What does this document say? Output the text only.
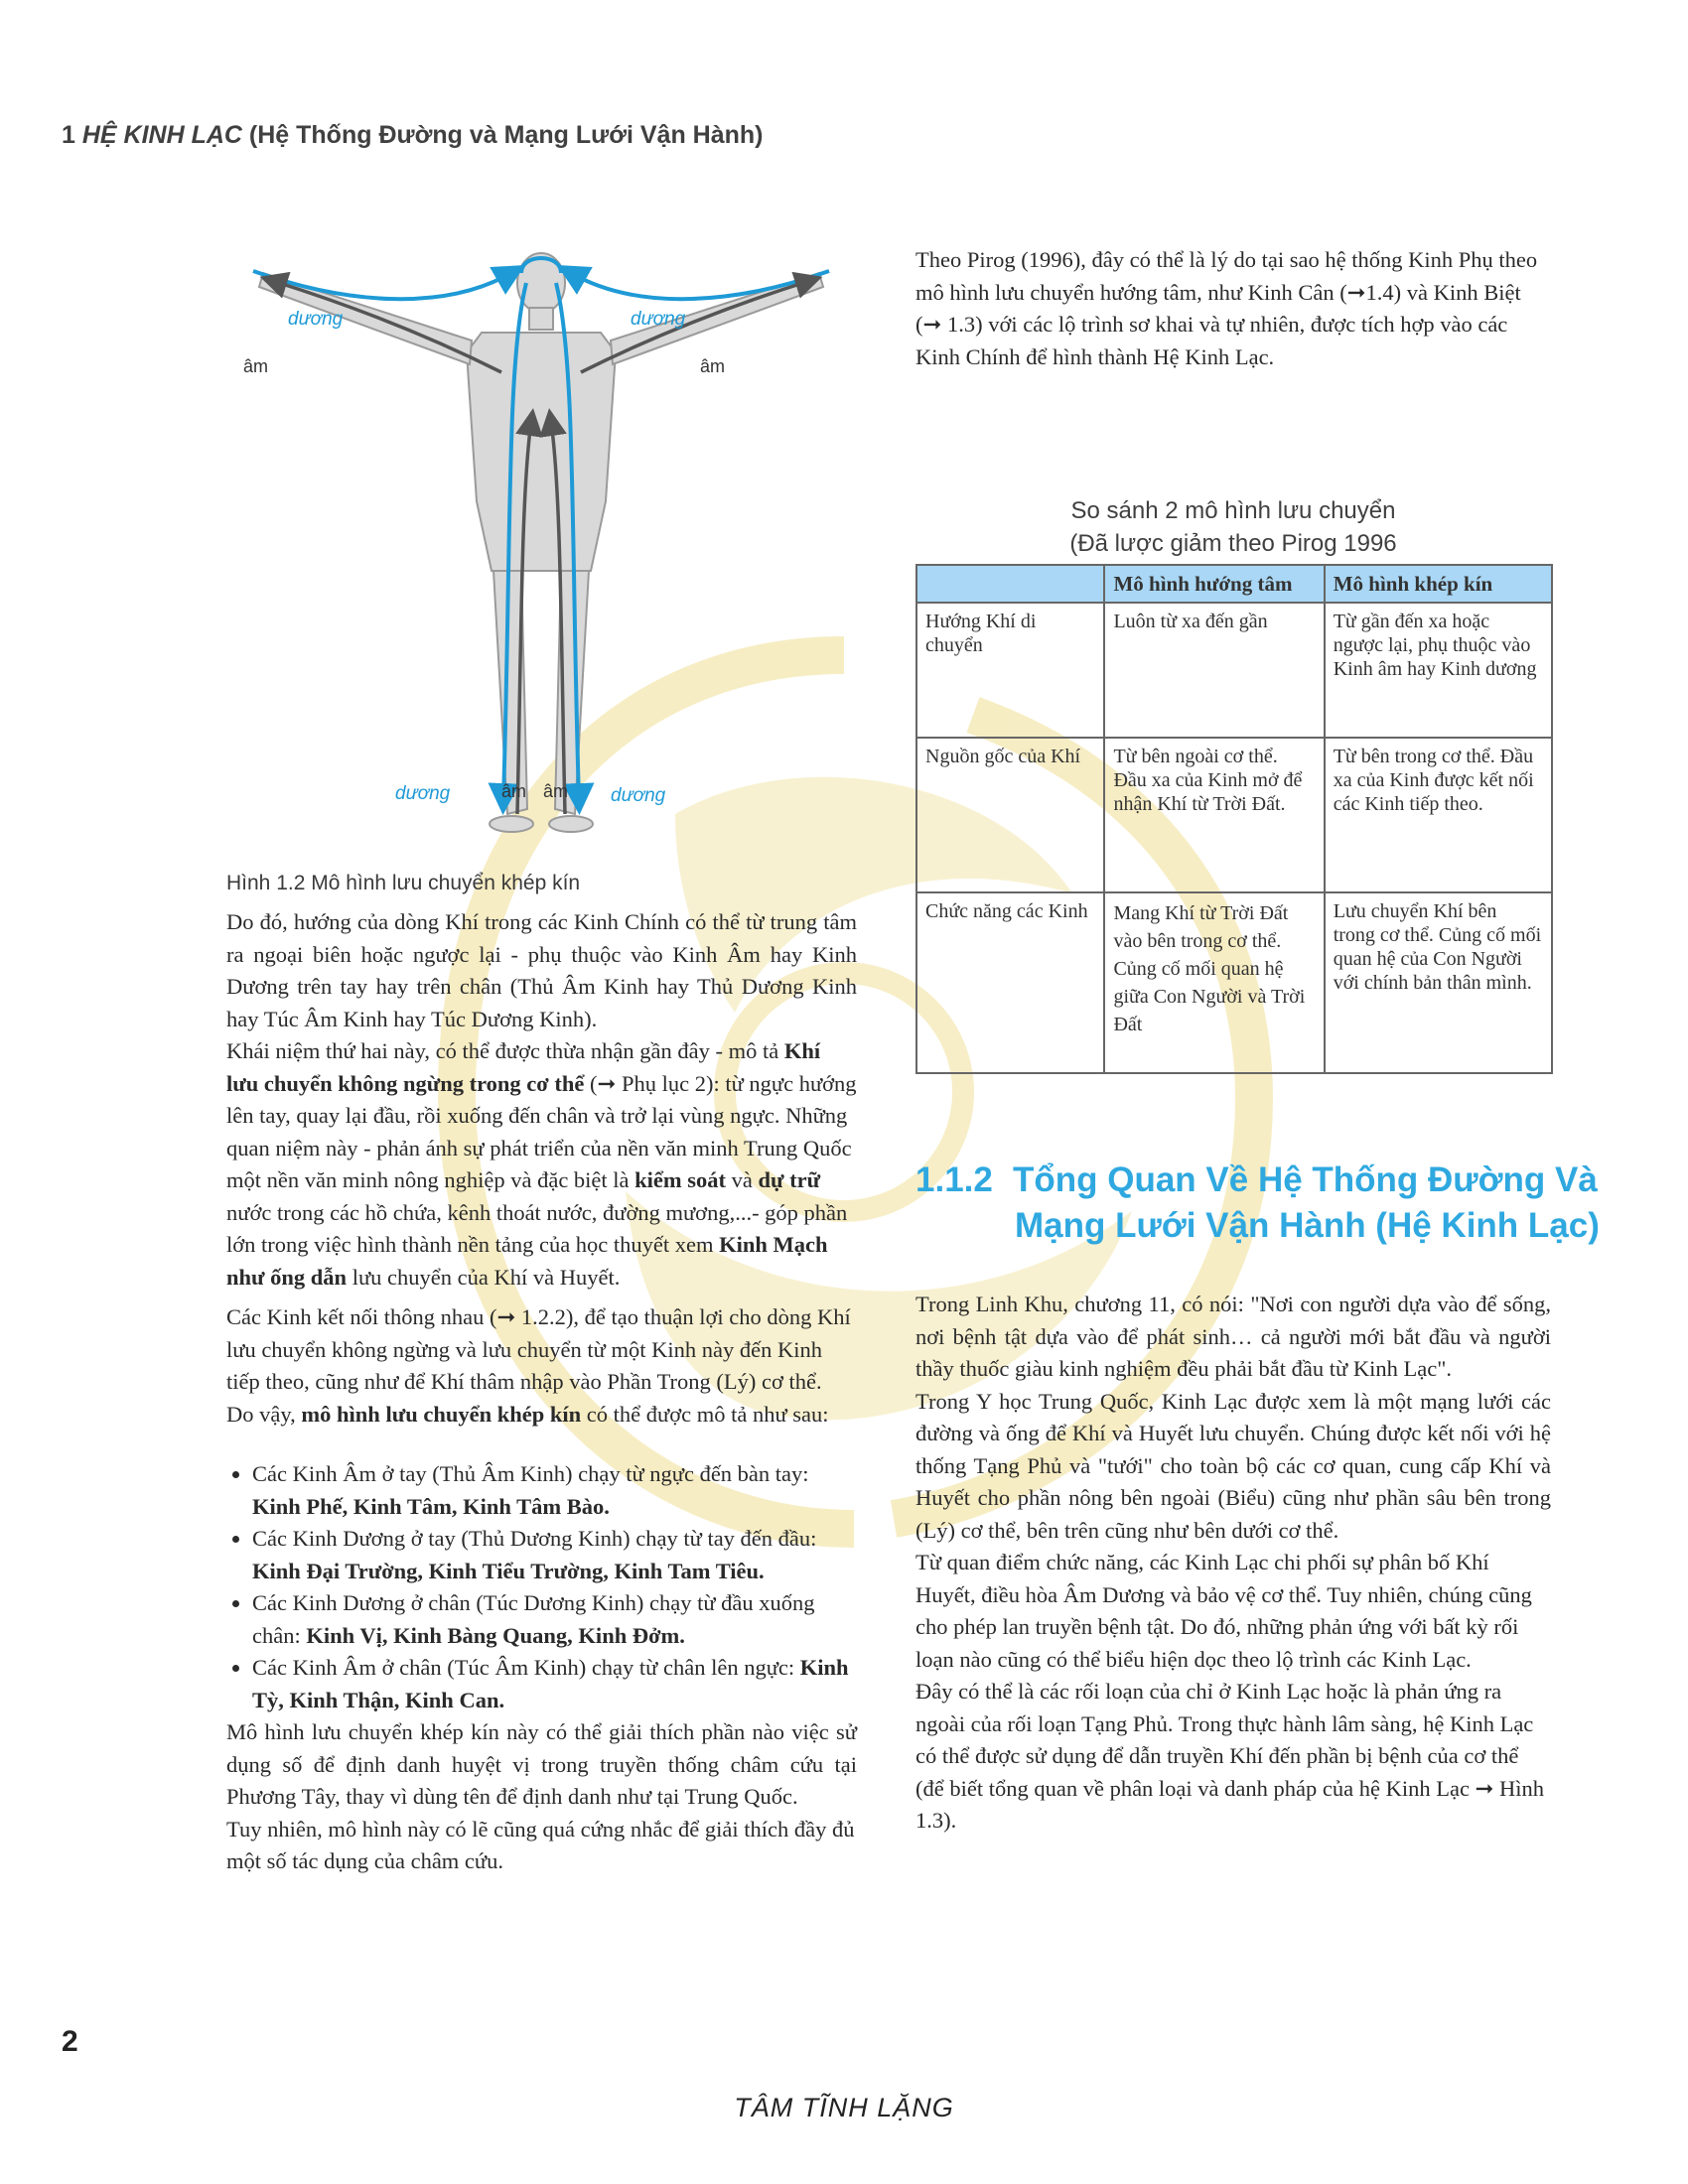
1 HỆ KINH LẠC (Hệ Thống Đường và Mạng Lưới Vận Hành)
dương	dương
âm	âm
dương	dương
âm âm
Hình 1.2 Mô hình lưu chuyển khép kín

Do đó, hướng của dòng Khí trong các Kinh Chính có thể từ trung tâm ra ngoại biên hoặc ngược lại - phụ thuộc vào Kinh Âm hay Kinh Dương trên tay hay trên chân (Thủ Âm Kinh hay Thủ Dương Kinh hay Túc Âm Kinh hay Túc Dương Kinh).

Khái niệm thứ hai này, có thể được thừa nhận gần đây - mô tả Khí lưu chuyển không ngừng trong cơ thể (➞ Phụ lục 2): từ ngực hướng lên tay, quay lại đầu, rồi xuống đến chân và trở lại vùng ngực. Những quan niệm này - phản ánh sự phát triển của nền văn minh Trung Quốc một nền văn minh nông nghiệp và đặc biệt là kiểm soát và dự trữ nước trong các hồ chứa, kênh thoát nước, đường mương,...- góp phần lớn trong việc hình thành nền tảng của học thuyết xem Kinh Mạch như ống dẫn lưu chuyển của Khí và Huyết.

Các Kinh kết nối thông nhau (➞ 1.2.2), để tạo thuận lợi cho dòng Khí lưu chuyển không ngừng và lưu chuyển từ một Kinh này đến Kinh tiếp theo, cũng như để Khí thâm nhập vào Phần Trong (Lý) cơ thể.

Do vậy, mô hình lưu chuyển khép kín có thể được mô tả như sau:

• Các Kinh Âm ở tay (Thủ Âm Kinh) chạy từ ngực đến bàn tay: Kinh Phế, Kinh Tâm, Kinh Tâm Bào.
• Các Kinh Dương ở tay (Thủ Dương Kinh) chạy từ tay đến đầu: Kinh Đại Trường, Kinh Tiểu Trường, Kinh Tam Tiêu.
• Các Kinh Dương ở chân (Túc Dương Kinh) chạy từ đầu xuống chân: Kinh Vị, Kinh Bàng Quang, Kinh Đởm.
• Các Kinh Âm ở chân (Túc Âm Kinh) chạy từ chân lên ngực: Kinh Tỳ, Kinh Thận, Kinh Can.

Mô hình lưu chuyển khép kín này có thể giải thích phần nào việc sử dụng số để định danh huyệt vị trong truyền thống châm cứu tại Phương Tây, thay vì dùng tên để định danh như tại Trung Quốc.

Tuy nhiên, mô hình này có lẽ cũng quá cứng nhắc để giải thích đầy đủ một số tác dụng của châm cứu.

Theo Pirog (1996), đây có thể là lý do tại sao hệ thống Kinh Phụ theo mô hình lưu chuyển hướng tâm, như Kinh Cân (➞1.4) và Kinh Biệt (➞ 1.3) với các lộ trình sơ khai và tự nhiên, được tích hợp vào các Kinh Chính để hình thành Hệ Kinh Lạc.

So sánh 2 mô hình lưu chuyển
(Đã lược giảm theo Pirog 1996
	Mô hình hướng tâm	Mô hình khép kín
Hướng Khí di chuyển	Luôn từ xa đến gần	Từ gần đến xa hoặc ngược lại, phụ thuộc vào Kinh âm hay Kinh dương
Nguồn gốc của Khí	Từ bên ngoài cơ thể. Đầu xa của Kinh mở để nhận Khí từ Trời Đất.	Từ bên trong cơ thể. Đầu xa của Kinh được kết nối các Kinh tiếp theo.
Chức năng các Kinh	Mang Khí từ Trời Đất vào bên trong cơ thể. Củng cố mối quan hệ giữa Con Người và Trời Đất	Lưu chuyển Khí bên trong cơ thể. Củng cố mối quan hệ của Con Người với chính bản thân mình.
1.1.2 Tổng Quan Về Hệ Thống Đường Và
Mạng Lưới Vận Hành (Hệ Kinh Lạc)

Trong Linh Khu, chương 11, có nói: "Nơi con người dựa vào để sống, nơi bệnh tật dựa vào để phát sinh… cả người mới bắt đầu và người thầy thuốc giàu kinh nghiệm đều phải bắt đầu từ Kinh Lạc".

Trong Y học Trung Quốc, Kinh Lạc được xem là một mạng lưới các đường và ống để Khí và Huyết lưu chuyển. Chúng được kết nối với hệ thống Tạng Phủ và "tưới" cho toàn bộ các cơ quan, cung cấp Khí và Huyết cho phần nông bên ngoài (Biểu) cũng như phần sâu bên trong (Lý) cơ thể, bên trên cũng như bên dưới cơ thể.

Từ quan điểm chức năng, các Kinh Lạc chi phối sự phân bố Khí Huyết, điều hòa Âm Dương và bảo vệ cơ thể. Tuy nhiên, chúng cũng cho phép lan truyền bệnh tật. Do đó, những phản ứng với bất kỳ rối loạn nào cũng có thể biểu hiện dọc theo lộ trình các Kinh Lạc.

Đây có thể là các rối loạn của chỉ ở Kinh Lạc hoặc là phản ứng ra ngoài của rối loạn Tạng Phủ. Trong thực hành lâm sàng, hệ Kinh Lạc có thể được sử dụng để dẫn truyền Khí đến phần bị bệnh của cơ thể (để biết tổng quan về phân loại và danh pháp của hệ Kinh Lạc ➞ Hình 1.3).

2
TÂM TĨNH LẶNG
